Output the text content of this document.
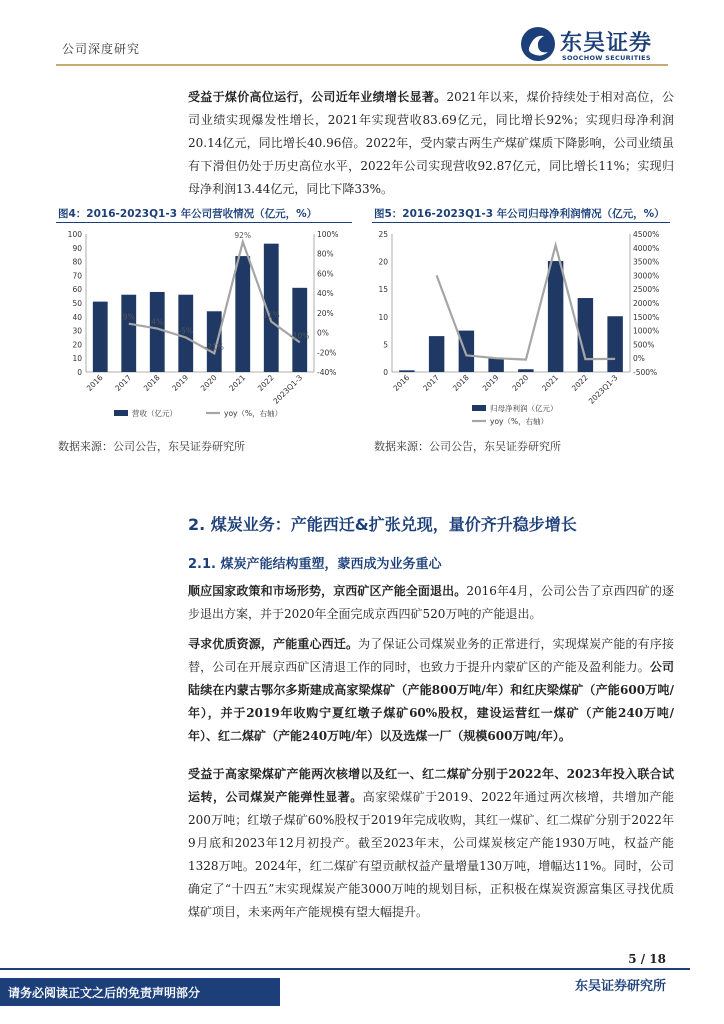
公司深度研究	东吴证券
SOOCHOW SECURITIES
受益于煤价高位运行，公司近年业绩增长显著。2021年以来，煤价持续处于相对高位，公司业绩实现爆发性增长，2021年实现营收83.69亿元，同比增长92%；实现归母净利润20.14亿元，同比增长40.96倍。2022年，受内蒙古两生产煤矿煤质下降影响，公司业绩虽有下滑但仍处于历史高位水平，2022年公司实现营收92.87亿元，同比增长11%；实现归母净利润13.44亿元，同比下降33%。
图4：2016-2023Q1-3 年公司营收情况（亿元，%）
0
10
20
30
40
50
60
70
80
90
100
-40%
-20%
0%
20%
40%
60%
80%
100%
2016 2017 2018 2019 2020 2021 2022
2023Q1-3
9%
4%
-5%
-21%
92%
11%
-10%
营收（亿元）	yoy（%，右轴）
数据来源：公司公告，东吴证券研究所
图5：2016-2023Q1-3 年公司归母净利润情况（亿元，%）
0
5
10
15
20
25
-500%
0%
500%
1000%
1500%
2000%
2500%
3000%
3500%
4000%
4500%
2016 2017 2018 2019 2020 2021 2022
2023Q1-3
归母净利润（亿元）
yoy（%，右轴）
数据来源：公司公告，东吴证券研究所
2. 煤炭业务：产能西迁&扩张兑现，量价齐升稳步增长
2.1. 煤炭产能结构重塑，蒙西成为业务重心
顺应国家政策和市场形势，京西矿区产能全面退出。2016年4月，公司公告了京西四矿的逐步退出方案，并于2020年全面完成京西四矿520万吨的产能退出。
寻求优质资源，产能重心西迁。为了保证公司煤炭业务的正常进行，实现煤炭产能的有序接替，公司在开展京西矿区清退工作的同时，也致力于提升内蒙矿区的产能及盈利能力。公司陆续在内蒙古鄂尔多斯建成高家梁煤矿（产能800万吨/年）和红庆梁煤矿（产能600万吨/年），并于2019年收购宁夏红墩子煤矿60%股权，建设运营红一煤矿（产能240万吨/年）、红二煤矿（产能240万吨/年）以及选煤一厂（规模600万吨/年）。
受益于高家梁煤矿产能两次核增以及红一、红二煤矿分别于2022年、2023年投入联合试运转，公司煤炭产能弹性显著。高家梁煤矿于2019、2022年通过两次核增，共增加产能200万吨；红墩子煤矿60%股权于2019年完成收购，其红一煤矿、红二煤矿分别于2022年9月底和2023年12月初投产。截至2023年末，公司煤炭核定产能1930万吨，权益产能1328万吨。2024年，红二煤矿有望贡献权益产量增量130万吨，增幅达11%。同时，公司确定了“十四五”末实现煤炭产能3000万吨的规划目标，正积极在煤炭资源富集区寻找优质煤矿项目，未来两年产能规模有望大幅提升。
5 / 18
请务必阅读正文之后的免责声明部分	东吴证券研究所
